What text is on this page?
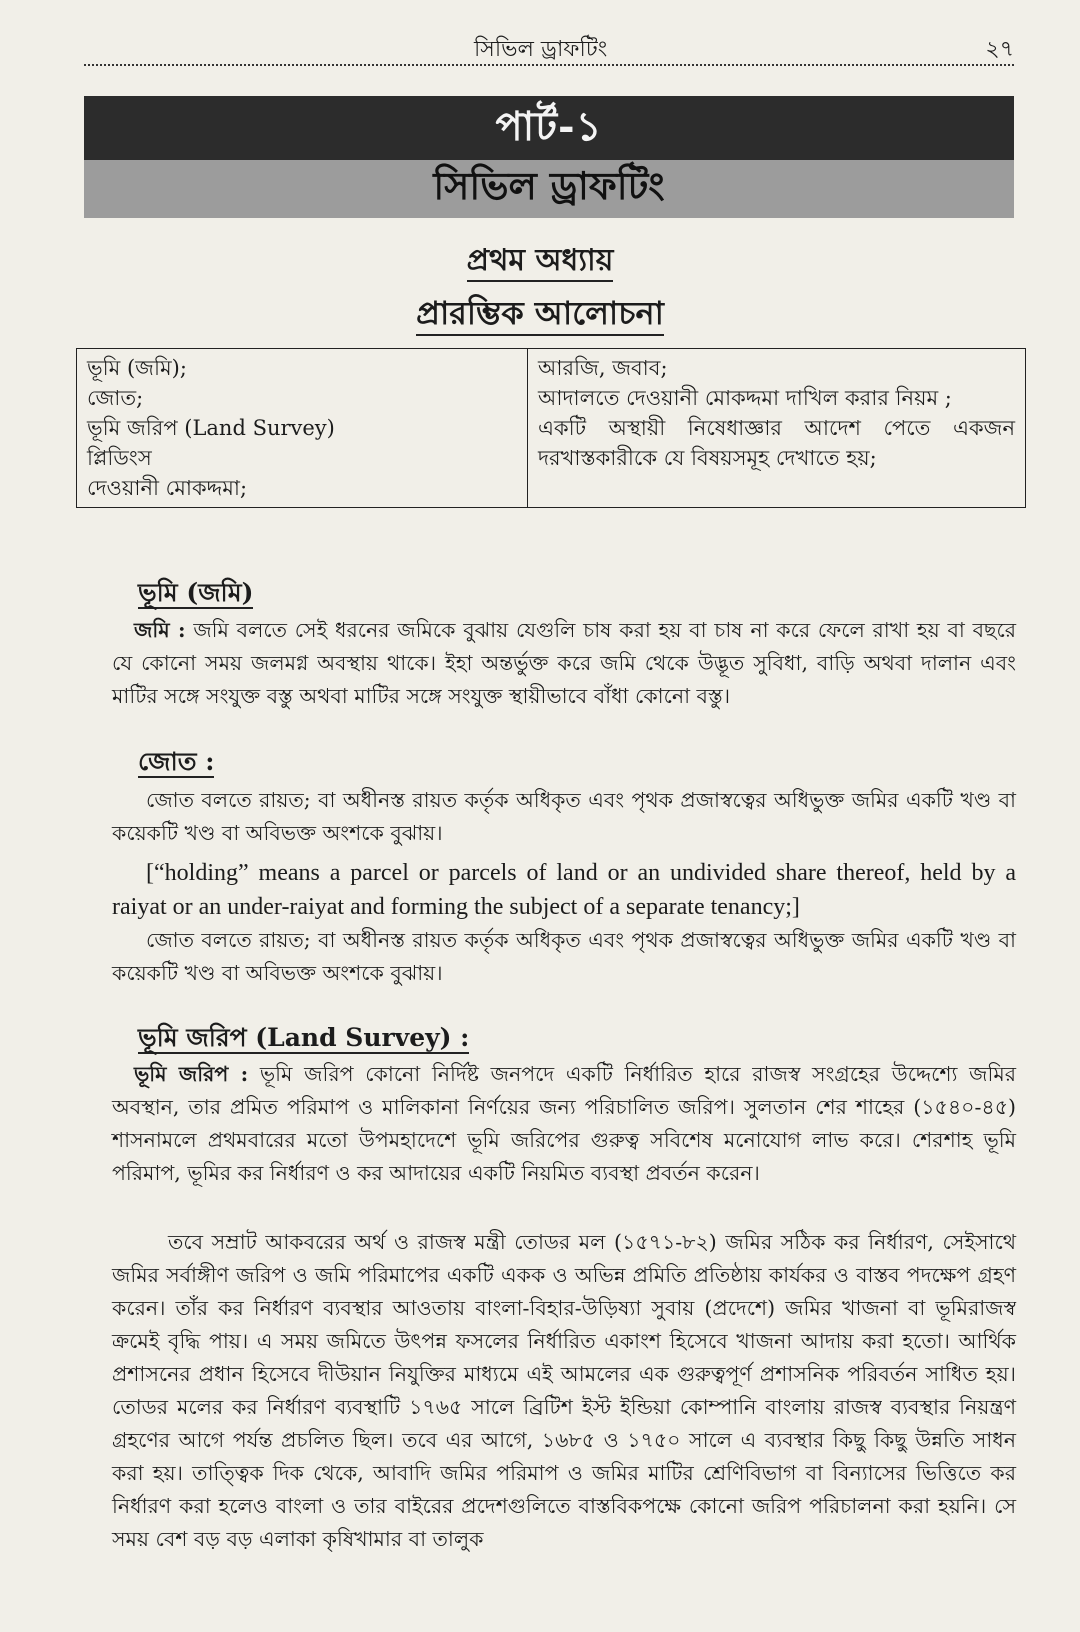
সিভিল ড্রাফটিং	২৭
পার্ট-১
সিভিল ড্রাফটিং
প্রথম অধ্যায়
প্রারম্ভিক আলোচনা
ভূমি (জমি);
জোত;
ভূমি জরিপ (Land Survey)
প্লিডিংস
দেওয়ানী মোকদ্দমা;

আরজি, জবাব;
আদালতে দেওয়ানী মোকদ্দমা দাখিল করার নিয়ম ;
একটি অস্থায়ী নিষেধাজ্ঞার আদেশ পেতে একজন
দরখাস্তকারীকে যে বিষয়সমূহ দেখাতে হয়;
ভূমি (জমি)
জমি : জমি বলতে সেই ধরনের জমিকে বুঝায় যেগুলি চাষ করা হয় বা চাষ না করে ফেলে রাখা হয় বা বছরে যে কোনো সময় জলমগ্ন অবস্থায় থাকে। ইহা অন্তর্ভুক্ত করে জমি থেকে উদ্ভূত সুবিধা, বাড়ি অথবা দালান এবং মাটির সঙ্গে সংযুক্ত বস্তু অথবা মাটির সঙ্গে সংযুক্ত স্থায়ীভাবে বাঁধা কোনো বস্তু।
জোত :
জোত বলতে রায়ত; বা অধীনস্ত রায়ত কর্তৃক অধিকৃত এবং পৃথক প্রজাস্বত্বের অধিভুক্ত জমির একটি খণ্ড বা কয়েকটি খণ্ড বা অবিভক্ত অংশকে বুঝায়।
[“holding” means a parcel or parcels of land or an undivided share thereof, held by a raiyat or an under-raiyat and forming the subject of a separate tenancy;]
জোত বলতে রায়ত; বা অধীনস্ত রায়ত কর্তৃক অধিকৃত এবং পৃথক প্রজাস্বত্বের অধিভুক্ত জমির একটি খণ্ড বা কয়েকটি খণ্ড বা অবিভক্ত অংশকে বুঝায়।
ভূমি জরিপ (Land Survey) :
ভূমি জরিপ : ভূমি জরিপ কোনো নির্দিষ্ট জনপদে একটি নির্ধারিত হারে রাজস্ব সংগ্রহের উদ্দেশ্যে জমির অবস্থান, তার প্রমিত পরিমাপ ও মালিকানা নির্ণয়ের জন্য পরিচালিত জরিপ। সুলতান শের শাহের (১৫৪০-৪৫) শাসনামলে প্রথমবারের মতো উপমহাদেশে ভূমি জরিপের গুরুত্ব সবিশেষ মনোযোগ লাভ করে। শেরশাহ ভূমি পরিমাপ, ভূমির কর নির্ধারণ ও কর আদায়ের একটি নিয়মিত ব্যবস্থা প্রবর্তন করেন।
তবে সম্রাট আকবরের অর্থ ও রাজস্ব মন্ত্রী তোডর মল (১৫৭১-৮২) জমির সঠিক কর নির্ধারণ, সেইসাথে জমির সর্বাঙ্গীণ জরিপ ও জমি পরিমাপের একটি একক ও অভিন্ন প্রমিতি প্রতিষ্ঠায় কার্যকর ও বাস্তব পদক্ষেপ গ্রহণ করেন। তাঁর কর নির্ধারণ ব্যবস্থার আওতায় বাংলা-বিহার-উড়িষ্যা সুবায় (প্রদেশে) জমির খাজনা বা ভূমিরাজস্ব ক্রমেই বৃদ্ধি পায়। এ সময় জমিতে উৎপন্ন ফসলের নির্ধারিত একাংশ হিসেবে খাজনা আদায় করা হতো। আর্থিক প্রশাসনের প্রধান হিসেবে দীউয়ান নিযুক্তির মাধ্যমে এই আমলের এক গুরুত্বপূর্ণ প্রশাসনিক পরিবর্তন সাধিত হয়। তোডর মলের কর নির্ধারণ ব্যবস্থাটি ১৭৬৫ সালে ব্রিটিশ ইস্ট ইন্ডিয়া কোম্পানি বাংলায় রাজস্ব ব্যবস্থার নিয়ন্ত্রণ গ্রহণের আগে পর্যন্ত প্রচলিত ছিল। তবে এর আগে, ১৬৮৫ ও ১৭৫০ সালে এ ব্যবস্থার কিছু কিছু উন্নতি সাধন করা হয়। তাত্ত্বিক দিক থেকে, আবাদি জমির পরিমাপ ও জমির মাটির শ্রেণিবিভাগ বা বিন্যাসের ভিত্তিতে কর নির্ধারণ করা হলেও বাংলা ও তার বাইরের প্রদেশগুলিতে বাস্তবিকপক্ষে কোনো জরিপ পরিচালনা করা হয়নি। সে সময় বেশ বড় বড় এলাকা কৃষিখামার বা তালুক
